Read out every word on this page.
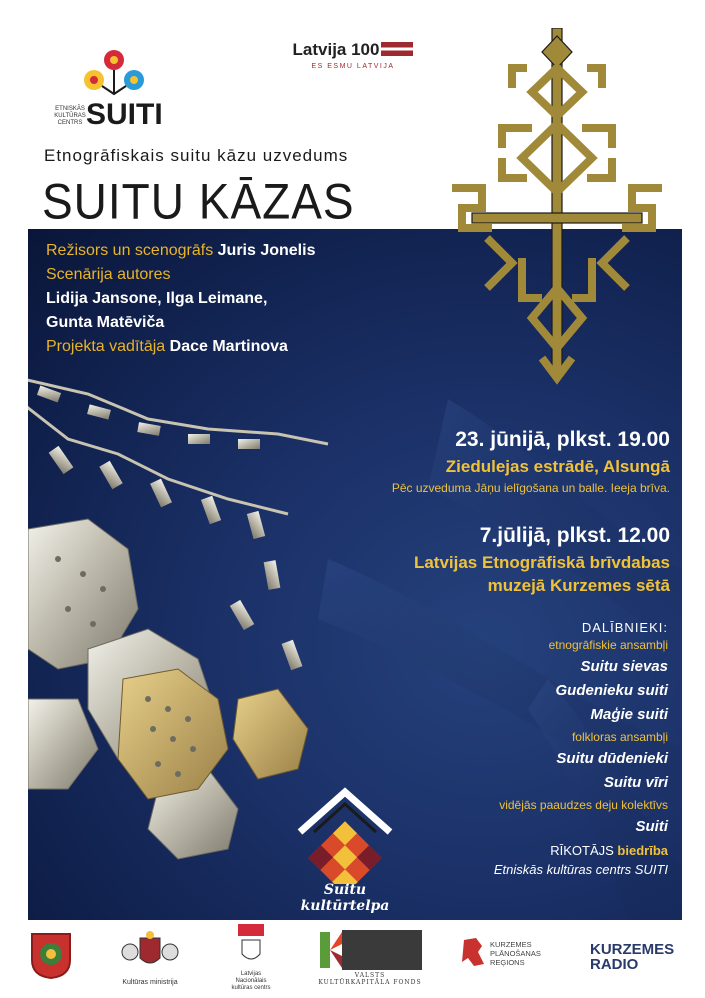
SUITI
ETNISKĀS
KULTŪRAS
CENTRS
Latvija 100
ES ESMU LATVIJA
Etnogrāfiskais suitu kāzu uzvedums
SUITU KĀZAS
Režisors un scenogrāfs Juris Jonelis
Scenārija autores
Lidija Jansone, Ilga Leimane,
Gunta Matēviča
Projekta vadītāja Dace Martinova
23. jūnijā, plkst. 19.00
Ziedulejas estrādē, Alsungā
Pēc uzveduma Jāņu ielīgošana un balle. Ieeja brīva.
7.jūlijā, plkst. 12.00
Latvijas Etnogrāfiskā brīvdabas
muzejā Kurzemes sētā
DALĪBNIEKI:
etnogrāfiskie ansambļi
Suitu sievas
Gudenieku suiti
Maģie suiti
folkloras ansambļi
Suitu dūdenieki
Suitu vīri
vidējās paaudzes deju kolektīvs
Suiti
RĪKOTĀJS biedrība
Etniskās kultūras centrs SUITI
Suitu kultūrtelpa
Kultūras ministrija
Latvijas Nacionālais kultūras centrs
VALSTS KULTŪRKAPITĀLA FONDS
KURZEMES PLĀNOŠANAS REĢIONS
KURZEMES RADIO
